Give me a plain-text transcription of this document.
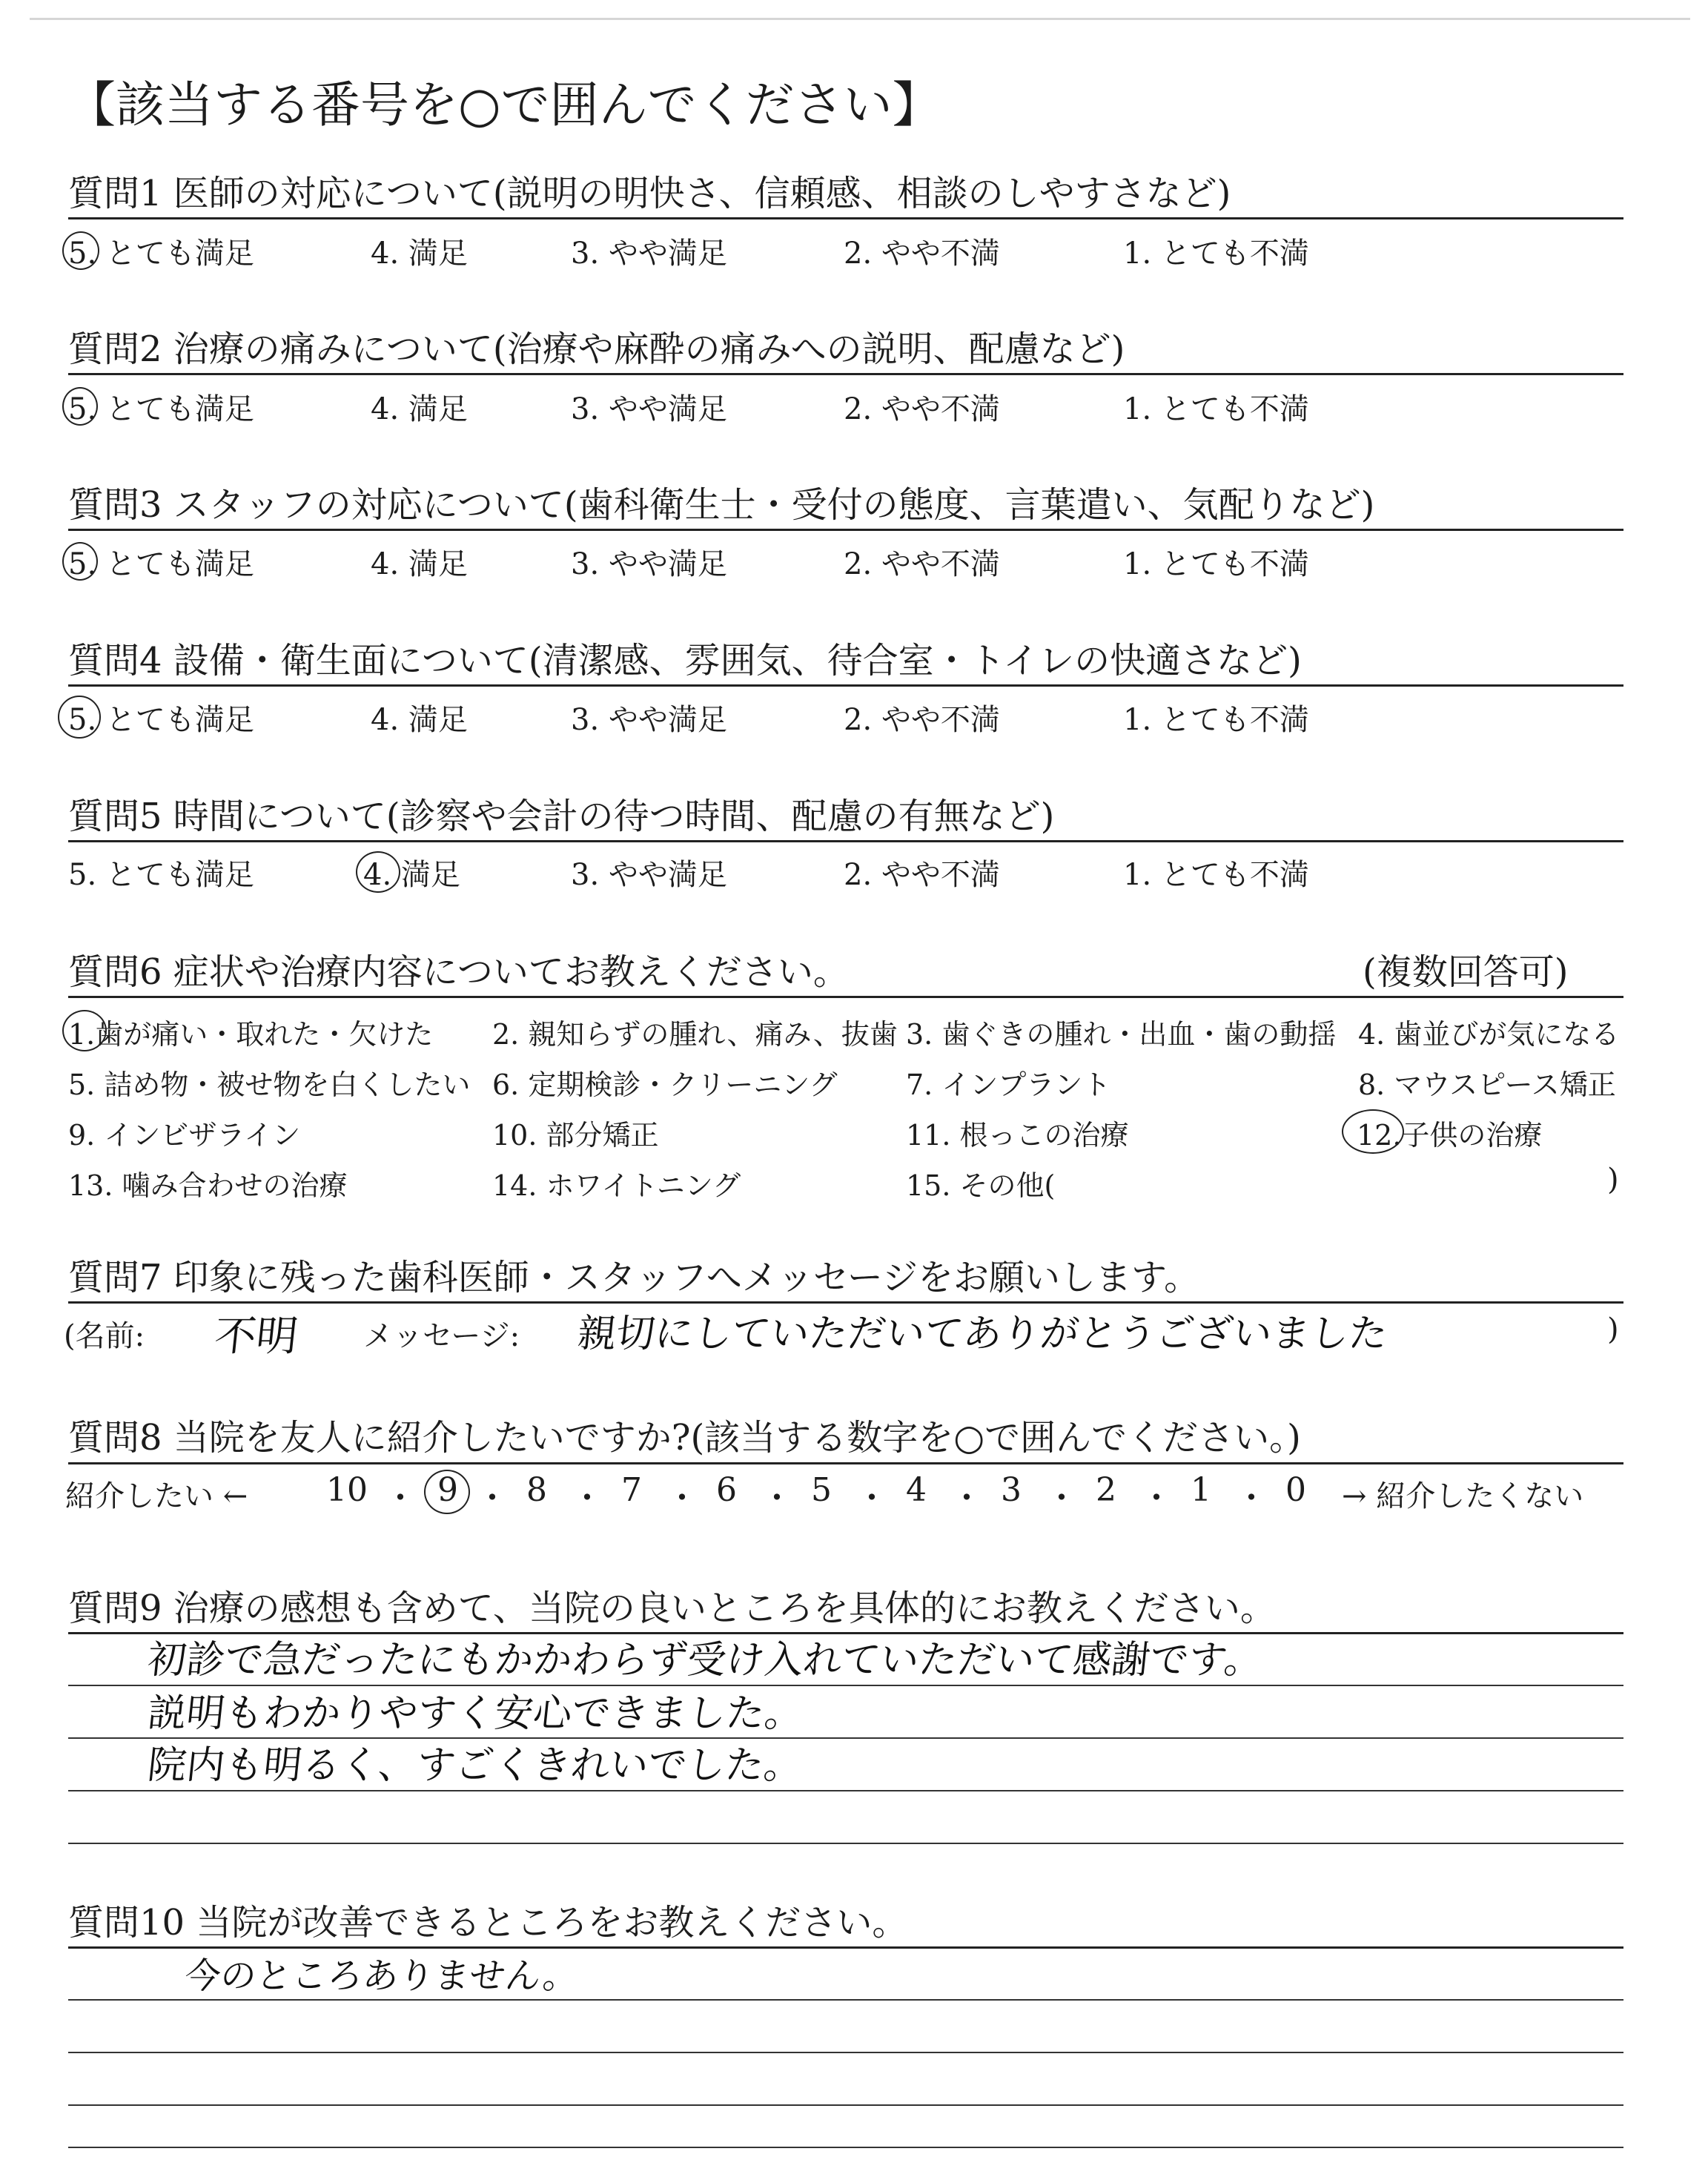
【該当する番号を○で囲んでください】
質問1 医師の対応について(説明の明快さ、信頼感、相談のしやすさなど)
5. とても満足	4. 満足	3. やや満足	2. やや不満	1. とても不満
質問2 治療の痛みについて(治療や麻酔の痛みへの説明、配慮など)
5. とても満足	4. 満足	3. やや満足	2. やや不満	1. とても不満
質問3 スタッフの対応について(歯科衛生士・受付の態度、言葉遣い、気配りなど)
5. とても満足	4. 満足	3. やや満足	2. やや不満	1. とても不満
質問4 設備・衛生面について(清潔感、雰囲気、待合室・トイレの快適さなど)
5. とても満足	4. 満足	3. やや満足	2. やや不満	1. とても不満
質問5 時間について(診察や会計の待つ時間、配慮の有無など)
5. とても満足	4. 満足	3. やや満足	2. やや不満	1. とても不満
質問6 症状や治療内容についてお教えください。	(複数回答可)
1.歯が痛い・取れた・欠けた 2. 親知らずの腫れ、痛み、抜歯 3. 歯ぐきの腫れ・出血・歯の動揺 4. 歯並びが気になる
5. 詰め物・被せ物を白くしたい 6. 定期検診・クリーニング 7. インプラント	8. マウスピース矯正
9. インビザライン	10. 部分矯正	11. 根っこの治療	12.子供の治療
13. 噛み合わせの治療	14. ホワイトニング	15. その他(	)
質問7 印象に残った歯科医師・スタッフへメッセージをお願いします。
(名前: 不明 メッセージ: 親切にしていただいてありがとうございました	)
質問8 当院を友人に紹介したいですか?(該当する数字を○で囲んでください。)
紹介したい ←	→ 紹介したくない
10 ・ 9 ・ 8 ・ 7 ・ 6 ・ 5 ・ 4 ・ 3 ・ 2 ・ 1 ・ 0
質問9 治療の感想も含めて、当院の良いところを具体的にお教えください。
初診で急だったにもかかわらず受け入れていただいて感謝です。
説明もわかりやすく安心できました。
院内も明るく、すごくきれいでした。
質問10 当院が改善できるところをお教えください。
今のところありません。
